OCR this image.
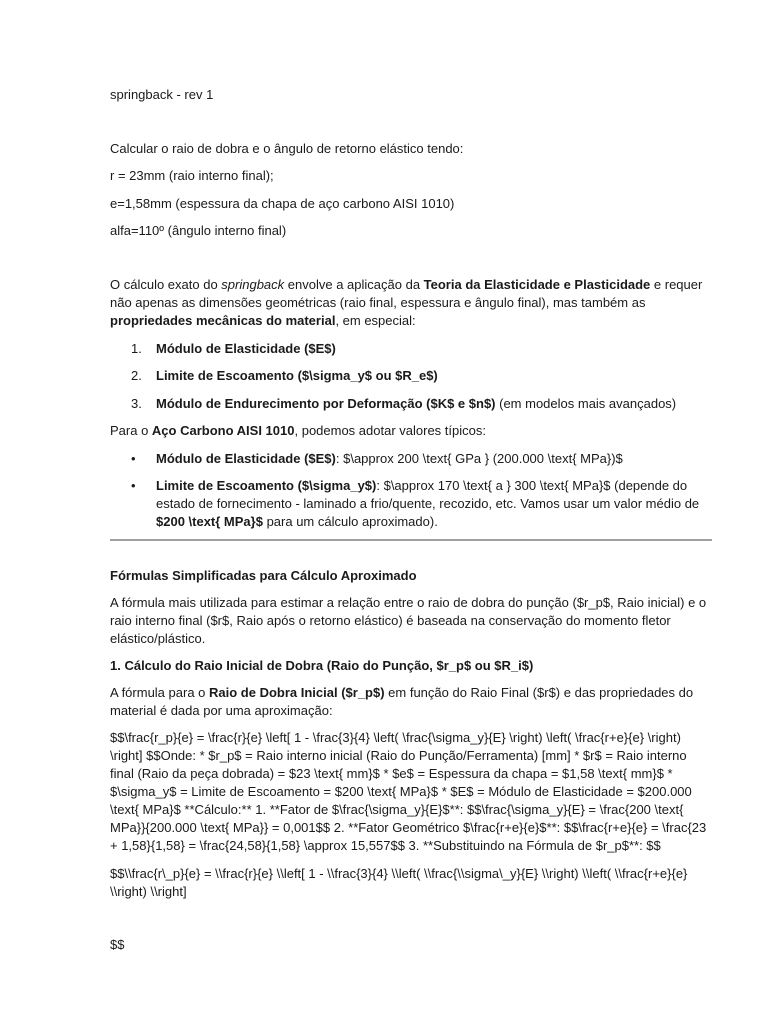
springback - rev 1

Calcular o raio de dobra e o ângulo de retorno elástico tendo:

r = 23mm (raio interno final);

e=1,58mm (espessura da chapa de aço carbono AISI 1010)

alfa=110º (ângulo interno final)

O cálculo exato do springback envolve a aplicação da Teoria da Elasticidade e Plasticidade e requer não apenas as dimensões geométricas (raio final, espessura e ângulo final), mas também as propriedades mecânicas do material, em especial:

1. Módulo de Elasticidade ($E$)

2. Limite de Escoamento ($\sigma_y$ ou $R_e$)

3. Módulo de Endurecimento por Deformação ($K$ e $n$) (em modelos mais avançados)

Para o Aço Carbono AISI 1010, podemos adotar valores típicos:

• Módulo de Elasticidade ($E$): $\approx 200 \text{ GPa } (200.000 \text{ MPa})$

• Limite de Escoamento ($\sigma_y$): $\approx 170 \text{ a } 300 \text{ MPa}$ (depende do estado de fornecimento - laminado a frio/quente, recozido, etc. Vamos usar um valor médio de $200 \text{ MPa}$ para um cálculo aproximado).

Fórmulas Simplificadas para Cálculo Aproximado

A fórmula mais utilizada para estimar a relação entre o raio de dobra do punção ($r_p$, Raio inicial) e o raio interno final ($r$, Raio após o retorno elástico) é baseada na conservação do momento fletor elástico/plástico.

1. Cálculo do Raio Inicial de Dobra (Raio do Punção, $r_p$ ou $R_i$)

A fórmula para o Raio de Dobra Inicial ($r_p$) em função do Raio Final ($r$) e das propriedades do material é dada por uma aproximação:

$$\frac{r_p}{e} = \frac{r}{e} \left[ 1 - \frac{3}{4} \left( \frac{\sigma_y}{E} \right) \left( \frac{r+e}{e} \right) \right] $$Onde: * $r_p$ = Raio interno inicial (Raio do Punção/Ferramenta) [mm] * $r$ = Raio interno final (Raio da peça dobrada) = $23 \text{ mm}$ * $e$ = Espessura da chapa = $1,58 \text{ mm}$ * $\sigma_y$ = Limite de Escoamento = $200 \text{ MPa}$ * $E$ = Módulo de Elasticidade = $200.000 \text{ MPa}$ **Cálculo:** 1. **Fator de $\frac{\sigma_y}{E}$**: $$\frac{\sigma_y}{E} = \frac{200 \text{ MPa}}{200.000 \text{ MPa}} = 0,001$$ 2. **Fator Geométrico $\frac{r+e}{e}$**: $$\frac{r+e}{e} = \frac{23 + 1,58}{1,58} = \frac{24,58}{1,58} \approx 15,557$$ 3. **Substituindo na Fórmula de $r_p$**: $$

$$\\frac{r\_p}{e} = \\frac{r}{e} \\left[ 1 - \\frac{3}{4} \\left( \\frac{\\sigma\_y}{E} \\right) \\left( \\frac{r+e}{e} \\right) \\right]

$$
